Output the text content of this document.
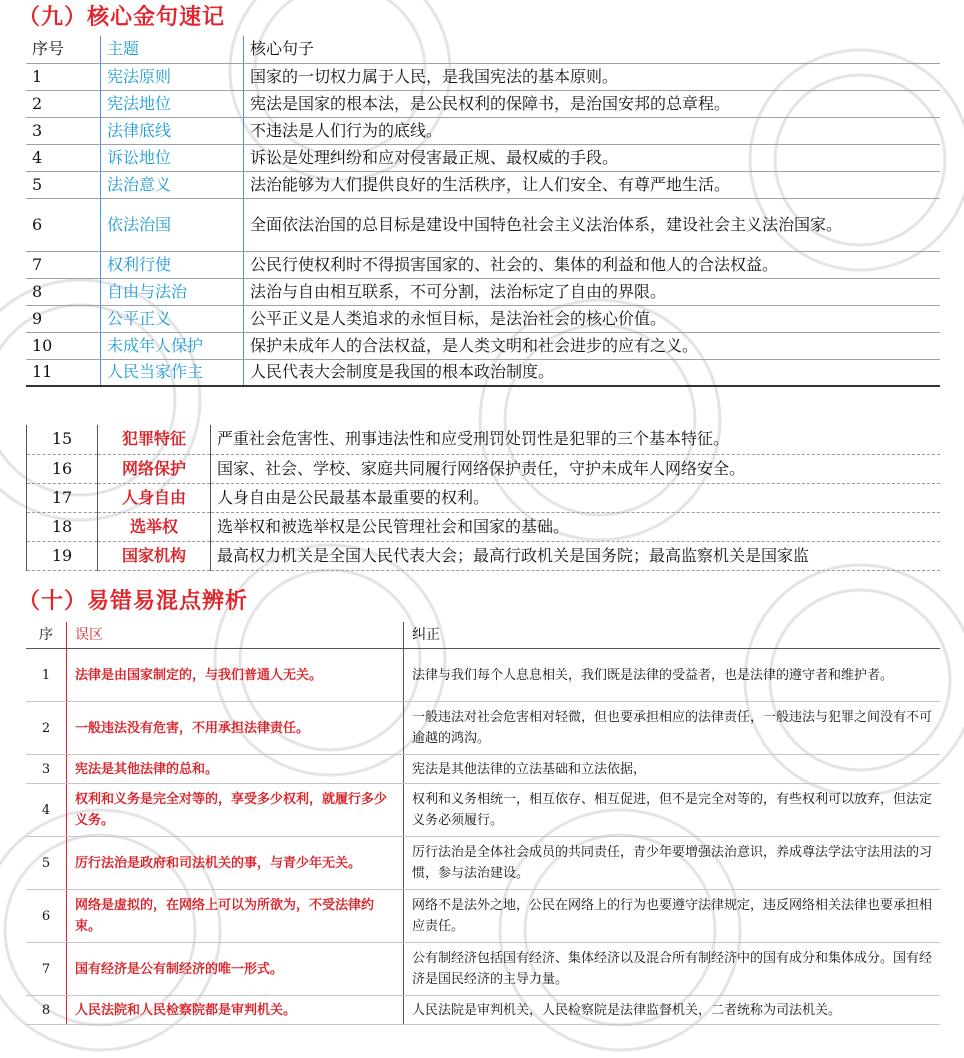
（九）核心金句速记
序号	主题	核心句子
1	宪法原则	国家的一切权力属于人民，是我国宪法的基本原则。
2	宪法地位	宪法是国家的根本法，是公民权利的保障书，是治国安邦的总章程。
3	法律底线	不违法是人们行为的底线。
4	诉讼地位	诉讼是处理纠纷和应对侵害最正规、最权威的手段。
5	法治意义	法治能够为人们提供良好的生活秩序，让人们安全、有尊严地生活。
6	依法治国	全面依法治国的总目标是建设中国特色社会主义法治体系，建设社会主义法治国家。
7	权利行使	公民行使权利时不得损害国家的、社会的、集体的利益和他人的合法权益。
8	自由与法治	法治与自由相互联系，不可分割，法治标定了自由的界限。
9	公平正义	公平正义是人类追求的永恒目标，是法治社会的核心价值。
10	未成年人保护	保护未成年人的合法权益，是人类文明和社会进步的应有之义。
11	人民当家作主	人民代表大会制度是我国的根本政治制度。
15	犯罪特征	严重社会危害性、刑事违法性和应受刑罚处罚性是犯罪的三个基本特征。
16	网络保护	国家、社会、学校、家庭共同履行网络保护责任，守护未成年人网络安全。
17	人身自由	人身自由是公民最基本最重要的权利。
18	选举权	选举权和被选举权是公民管理社会和国家的基础。
19	国家机构	最高权力机关是全国人民代表大会；最高行政机关是国务院；最高监察机关是国家监
（十）易错易混点辨析
序	误区	纠正
1	法律是由国家制定的，与我们普通人无关。	法律与我们每个人息息相关，我们既是法律的受益者，也是法律的遵守者和维护者。
2	一般违法没有危害，不用承担法律责任。	一般违法对社会危害相对轻微，但也要承担相应的法律责任，一般违法与犯罪之间没有不可逾越的鸿沟。
3	宪法是其他法律的总和。	宪法是其他法律的立法基础和立法依据，
4	权利和义务是完全对等的，享受多少权利，就履行多少义务。	权利和义务相统一，相互依存、相互促进，但不是完全对等的，有些权利可以放弃，但法定义务必须履行。
5	厉行法治是政府和司法机关的事，与青少年无关。	厉行法治是全体社会成员的共同责任，青少年要增强法治意识，养成尊法学法守法用法的习惯，参与法治建设。
6	网络是虚拟的，在网络上可以为所欲为，不受法律约束。	网络不是法外之地，公民在网络上的行为也要遵守法律规定，违反网络相关法律也要承担相应责任。
7	国有经济是公有制经济的唯一形式。	公有制经济包括国有经济、集体经济以及混合所有制经济中的国有成分和集体成分。国有经济是国民经济的主导力量。
8	人民法院和人民检察院都是审判机关。	人民法院是审判机关，人民检察院是法律监督机关，二者统称为司法机关。
